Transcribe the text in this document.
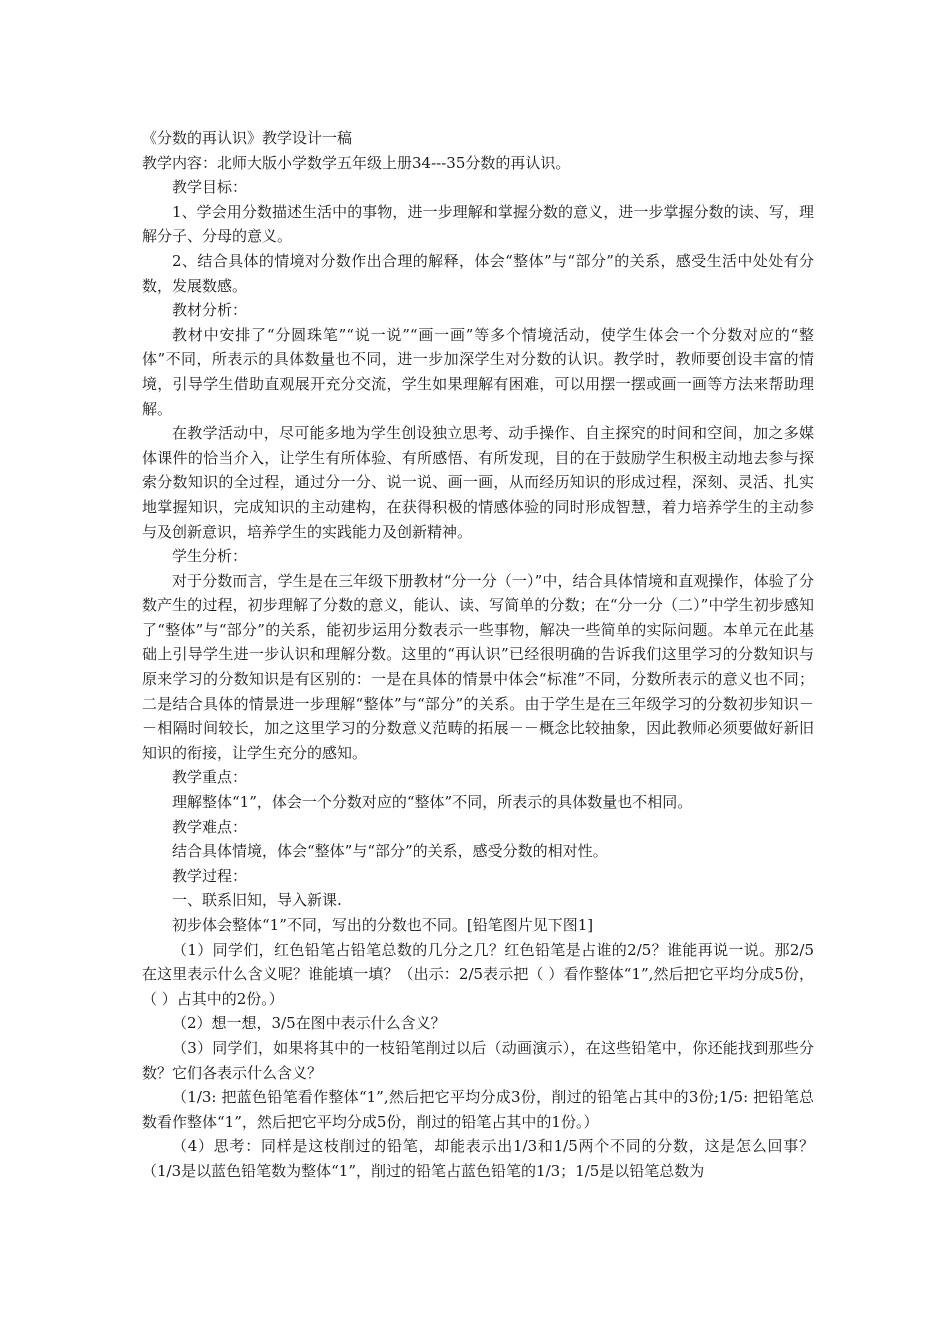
《分数的再认识》教学设计一稿

教学内容：北师大版小学数学五年级上册34---35分数的再认识。

教学目标：

1、学会用分数描述生活中的事物，进一步理解和掌握分数的意义，进一步掌握分数的读、写，理解分子、分母的意义。

2、结合具体的情境对分数作出合理的解释，体会“整体”与“部分”的关系，感受生活中处处有分数，发展数感。

教材分析：

教材中安排了“分圆珠笔”“说一说”“画一画”等多个情境活动，使学生体会一个分数对应的“整体”不同，所表示的具体数量也不同，进一步加深学生对分数的认识。教学时，教师要创设丰富的情境，引导学生借助直观展开充分交流，学生如果理解有困难，可以用摆一摆或画一画等方法来帮助理解。

在教学活动中，尽可能多地为学生创设独立思考、动手操作、自主探究的时间和空间，加之多媒体课件的恰当介入，让学生有所体验、有所感悟、有所发现，目的在于鼓励学生积极主动地去参与探索分数知识的全过程，通过分一分、说一说、画一画，从而经历知识的形成过程，深刻、灵活、扎实地掌握知识，完成知识的主动建构，在获得积极的情感体验的同时形成智慧，着力培养学生的主动参与及创新意识，培养学生的实践能力及创新精神。

学生分析：

对于分数而言，学生是在三年级下册教材“分一分（一）”中，结合具体情境和直观操作，体验了分数产生的过程，初步理解了分数的意义，能认、读、写简单的分数；在“分一分（二）”中学生初步感知了“整体”与“部分”的关系，能初步运用分数表示一些事物，解决一些简单的实际问题。本单元在此基础上引导学生进一步认识和理解分数。这里的“再认识”已经很明确的告诉我们这里学习的分数知识与原来学习的分数知识是有区别的：一是在具体的情景中体会“标准”不同，分数所表示的意义也不同；二是结合具体的情景进一步理解“整体”与“部分”的关系。由于学生是在三年级学习的分数初步知识－－相隔时间较长，加之这里学习的分数意义范畴的拓展－－概念比较抽象，因此教师必须要做好新旧知识的衔接，让学生充分的感知。

教学重点：

理解整体“1”，体会一个分数对应的“整体”不同，所表示的具体数量也不相同。

教学难点：

结合具体情境，体会“整体”与“部分”的关系，感受分数的相对性。

教学过程：

一、联系旧知，导入新课.

初步体会整体“1”不同，写出的分数也不同。[铅笔图片见下图1]

（1）同学们，红色铅笔占铅笔总数的几分之几？红色铅笔是占谁的2/5？谁能再说一说。那2/5在这里表示什么含义呢？谁能填一填？（出示：2/5表示把（ ）看作整体“1”,然后把它平均分成5份，（ ）占其中的2份。）

（2）想一想，3/5在图中表示什么含义？

（3）同学们，如果将其中的一枝铅笔削过以后（动画演示），在这些铅笔中，你还能找到那些分数？它们各表示什么含义？

（1/3: 把蓝色铅笔看作整体“1”,然后把它平均分成3份，削过的铅笔占其中的3份;1/5: 把铅笔总数看作整体“1”，然后把它平均分成5份，削过的铅笔占其中的1份。）

（4）思考：同样是这枝削过的铅笔，却能表示出1/3和1/5两个不同的分数，这是怎么回事？（1/3是以蓝色铅笔数为整体“1”，削过的铅笔占蓝色铅笔的1/3；1/5是以铅笔总数为
